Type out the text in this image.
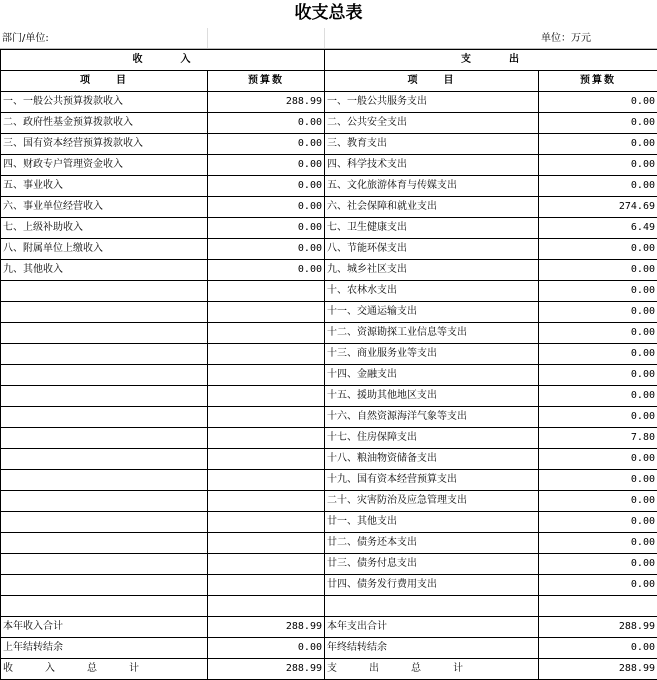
收支总表
部门/单位:	单位：万元
收　　　入		支　　　出	
项　　目	预算数	项　　目	预算数
一、一般公共预算拨款收入	288.99	一、一般公共服务支出	0.00
二、政府性基金预算拨款收入	0.00	二、公共安全支出	0.00
三、国有资本经营预算拨款收入	0.00	三、教育支出	0.00
四、财政专户管理资金收入	0.00	四、科学技术支出	0.00
五、事业收入	0.00	五、文化旅游体育与传媒支出	0.00
六、事业单位经营收入	0.00	六、社会保障和就业支出	274.69
七、上级补助收入	0.00	七、卫生健康支出	6.49
八、附属单位上缴收入	0.00	八、节能环保支出	0.00
九、其他收入	0.00	九、城乡社区支出	0.00
		十、农林水支出	0.00
		十一、交通运输支出	0.00
		十二、资源勘探工业信息等支出	0.00
		十三、商业服务业等支出	0.00
		十四、金融支出	0.00
		十五、援助其他地区支出	0.00
		十六、自然资源海洋气象等支出	0.00
		十七、住房保障支出	7.80
		十八、粮油物资储备支出	0.00
		十九、国有资本经营预算支出	0.00
		二十、灾害防治及应急管理支出	0.00
		廿一、其他支出	0.00
		廿二、债务还本支出	0.00
		廿三、债务付息支出	0.00
		廿四、债务发行费用支出	0.00

本年收入合计	288.99	本年支出合计	288.99
上年结转结余	0.00	年终结转结余	0.00
收 入 总 计	288.99	支 出 总 计	288.99
